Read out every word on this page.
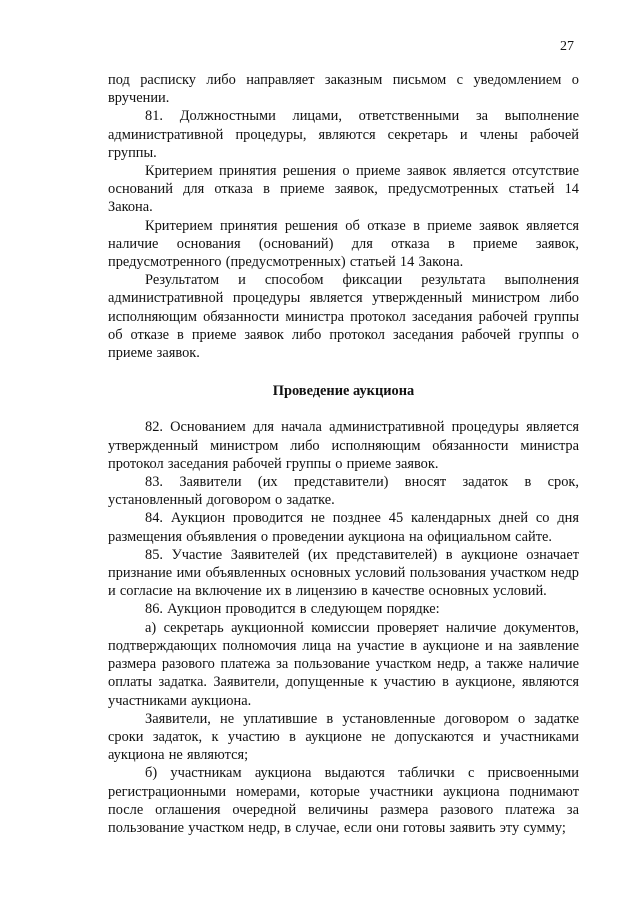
27

под расписку либо направляет заказным письмом с уведомлением о вручении.

81. Должностными лицами, ответственными за выполнение административной процедуры, являются секретарь и члены рабочей группы.

Критерием принятия решения о приеме заявок является отсутствие оснований для отказа в приеме заявок, предусмотренных статьей 14 Закона.

Критерием принятия решения об отказе в приеме заявок является наличие основания (оснований) для отказа в приеме заявок, предусмотренного (предусмотренных) статьей 14 Закона.

Результатом и способом фиксации результата выполнения административной процедуры является утвержденный министром либо исполняющим обязанности министра протокол заседания рабочей группы об отказе в приеме заявок либо протокол заседания рабочей группы о приеме заявок.

Проведение аукциона

82. Основанием для начала административной процедуры является утвержденный министром либо исполняющим обязанности министра протокол заседания рабочей группы о приеме заявок.

83. Заявители (их представители) вносят задаток в срок, установленный договором о задатке.

84. Аукцион проводится не позднее 45 календарных дней со дня размещения объявления о проведении аукциона на официальном сайте.

85. Участие Заявителей (их представителей) в аукционе означает признание ими объявленных основных условий пользования участком недр и согласие на включение их в лицензию в качестве основных условий.

86. Аукцион проводится в следующем порядке:

а) секретарь аукционной комиссии проверяет наличие документов, подтверждающих полномочия лица на участие в аукционе и на заявление размера разового платежа за пользование участком недр, а также наличие оплаты задатка. Заявители, допущенные к участию в аукционе, являются участниками аукциона.

Заявители, не уплатившие в установленные договором о задатке сроки задаток, к участию в аукционе не допускаются и участниками аукциона не являются;

б) участникам аукциона выдаются таблички с присвоенными регистрационными номерами, которые участники аукциона поднимают после оглашения очередной величины размера разового платежа за пользование участком недр, в случае, если они готовы заявить эту сумму;
